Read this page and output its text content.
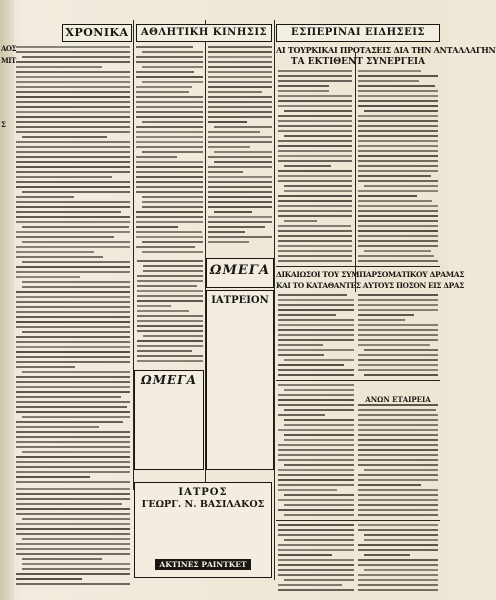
ΑΟΣ
ΜΙΤ
Σ
ΧΡΟΝΙΚΑ	ΑΘΛΗΤΙΚΗ ΚΙΝΗΣΙΣ	ΕΣΠΕΡΙΝΑΙ ΕΙΔΗΣΕΙΣ
ΑΙ ΤΟΥΡΚΙΚΑΙ ΠΡΟΤΑΣΕΙΣ ΔΙΑ ΤΗΝ ΑΝΤΑΛΛΑΓΗΝ
ΤΑ ΕΚΤΙΘΕΝΤ ΣΥΝΕΡΓΕΙΑ
ΔΙΚΑΙΩΣΟΙ ΤΟΥ ΣΥΜΠΑΡΣΟΜΑΤΙΚΟΥ ΔΡΑΜΑΣ
ΚΑΙ ΤΟ ΚΑΤΑΘΑΝΤΕΣ ΑΥΤΟΥΣ ΠΟΣΟΝ ΕΙΣ ΔΡΑΣ
ΩΜΕΓΑ
ΙΑΤΡΕΙΟΝ
ΩΜΕΓΑ
ΙΑΤΡΟΣ
ΓΕΩΡΓ. Ν. ΒΑΣΙΛΑΚΟΣ
ΑΚΤΙΝΕΣ ΡΑΙΝΤΚΕΤ
ΑΝΩΝ ΕΤΑΙΡΕΙΑ
